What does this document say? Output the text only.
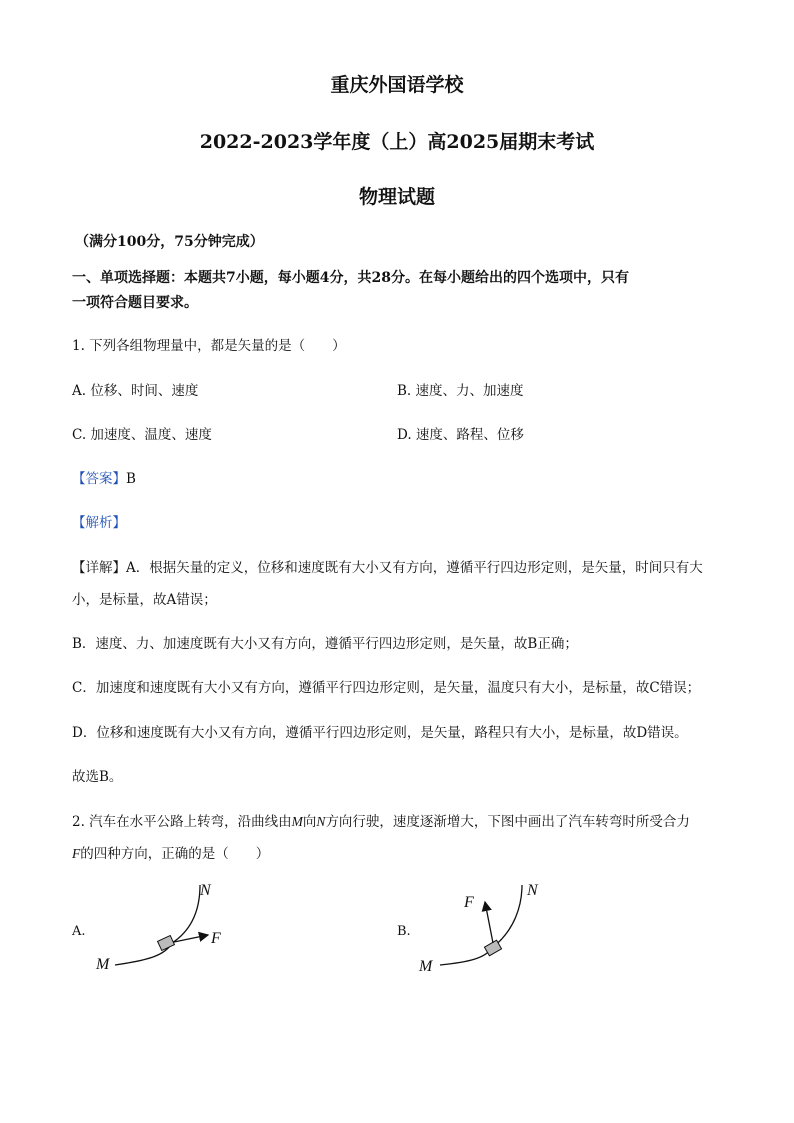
重庆外国语学校
2022-2023学年度（上）高2025届期末考试
物理试题
（满分100分，75分钟完成）
一、单项选择题：本题共7小题，每小题4分，共28分。在每小题给出的四个选项中，只有
一项符合题目要求。
1. 下列各组物理量中，都是矢量的是（　　）
A. 位移、时间、速度	B. 速度、力、加速度
C. 加速度、温度、速度	D. 速度、路程、位移
【答案】B
【解析】
【详解】A．根据矢量的定义，位移和速度既有大小又有方向，遵循平行四边形定则，是矢量，时间只有大
小，是标量，故A错误；
B．速度、力、加速度既有大小又有方向，遵循平行四边形定则，是矢量，故B正确；
C．加速度和速度既有大小又有方向，遵循平行四边形定则，是矢量，温度只有大小，是标量，故C错误；
D．位移和速度既有大小又有方向，遵循平行四边形定则，是矢量，路程只有大小，是标量，故D错误。
故选B。
2. 汽车在水平公路上转弯，沿曲线由M向N方向行驶，速度逐渐增大，下图中画出了汽车转弯时所受合力
F的四种方向，正确的是（　　）
A.
M
N
F	B.
M
N
F
